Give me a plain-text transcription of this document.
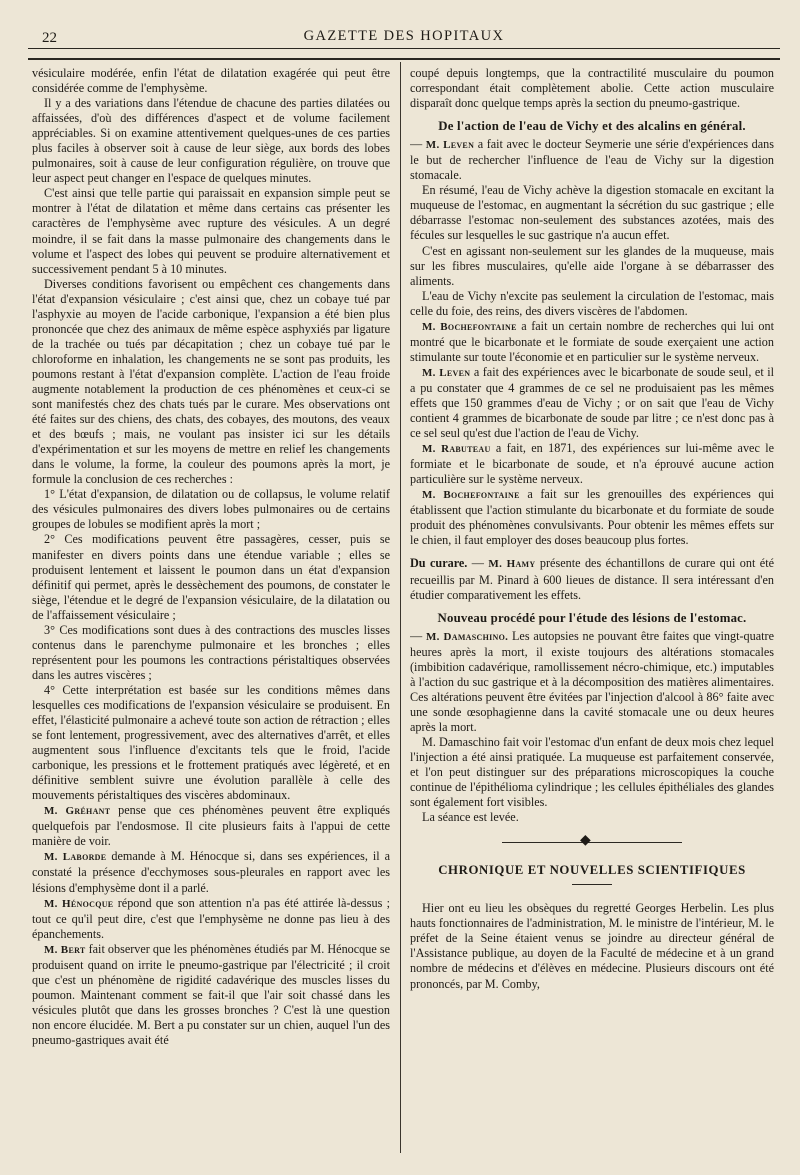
22	GAZETTE DES HOPITAUX

vésiculaire modérée, enfin l'état de dilatation exagérée qui peut être considérée comme de l'emphysème.

Il y a des variations dans l'étendue de chacune des parties dilatées ou affaissées, d'où des différences d'aspect et de volume facilement appréciables. Si on examine attentivement quelques-unes de ces parties plus faciles à observer soit à cause de leur siège, aux bords des lobes pulmonaires, soit à cause de leur configuration régulière, on trouve que leur aspect peut changer en l'espace de quelques minutes.

C'est ainsi que telle partie qui paraissait en expansion simple peut se montrer à l'état de dilatation et même dans certains cas présenter les caractères de l'emphysème avec rupture des vésicules. A un degré moindre, il se fait dans la masse pulmonaire des changements dans le volume et l'aspect des lobes qui peuvent se produire alternativement et successivement pendant 5 à 10 minutes.

Diverses conditions favorisent ou empêchent ces changements dans l'état d'expansion vésiculaire ; c'est ainsi que, chez un cobaye tué par l'asphyxie au moyen de l'acide carbonique, l'expansion a été bien plus prononcée que chez des animaux de même espèce asphyxiés par ligature de la trachée ou tués par décapitation ; chez un cobaye tué par le chloroforme en inhalation, les changements ne se sont pas produits, les poumons restant à l'état d'expansion complète. L'action de l'eau froide augmente notablement la production de ces phénomènes et ceux-ci se sont manifestés chez des chats tués par le curare. Mes observations ont été faites sur des chiens, des chats, des cobayes, des moutons, des veaux et des bœufs ; mais, ne voulant pas insister ici sur les détails d'expérimentation et sur les moyens de mettre en relief les changements dans le volume, la forme, la couleur des poumons après la mort, je formule la conclusion de ces recherches :

1° L'état d'expansion, de dilatation ou de collapsus, le volume relatif des vésicules pulmonaires des divers lobes pulmonaires ou de certains groupes de lobules se modifient après la mort ;

2° Ces modifications peuvent être passagères, cesser, puis se manifester en divers points dans une étendue variable ; elles se produisent lentement et laissent le poumon dans un état d'expansion définitif qui permet, après le dessèchement des poumons, de constater le siège, l'étendue et le degré de l'expansion vésiculaire, de la dilatation ou de l'affaissement vésiculaire ;

3° Ces modifications sont dues à des contractions des muscles lisses contenus dans le parenchyme pulmonaire et les bronches ; elles représentent pour les poumons les contractions péristaltiques observées dans les autres viscères ;

4° Cette interprétation est basée sur les conditions mêmes dans lesquelles ces modifications de l'expansion vésiculaire se produisent. En effet, l'élasticité pulmonaire a achevé toute son action de rétraction ; elles se font lentement, progressivement, avec des alternatives d'arrêt, et elles augmentent sous l'influence d'excitants tels que le froid, l'acide carbonique, les pressions et le frottement pratiqués avec légèreté, et en définitive semblent suivre une évolution parallèle à celle des mouvements péristaltiques des viscères abdominaux.

M. Gréhant pense que ces phénomènes peuvent être expliqués quelquefois par l'endosmose. Il cite plusieurs faits à l'appui de cette manière de voir.

M. Laborde demande à M. Hénocque si, dans ses expériences, il a constaté la présence d'ecchymoses sous-pleurales en rapport avec les lésions d'emphysème dont il a parlé.

M. Hénocque répond que son attention n'a pas été attirée là-dessus ; tout ce qu'il peut dire, c'est que l'emphysème ne donne pas lieu à des épanchements.

M. Bert fait observer que les phénomènes étudiés par M. Hénocque se produisent quand on irrite le pneumo-gastrique par l'électricité ; il croit que c'est un phénomène de rigidité cadavérique des muscles lisses du poumon. Maintenant comment se fait-il que l'air soit chassé dans les vésicules plutôt que dans les grosses bronches ? C'est là une question non encore élucidée. M. Bert a pu constater sur un chien, auquel l'un des pneumo-gastriques avait été

coupé depuis longtemps, que la contractilité musculaire du poumon correspondant était complètement abolie. Cette action musculaire disparaît donc quelque temps après la section du pneumo-gastrique.

De l'action de l'eau de Vichy et des alcalins en général.

— M. Leven a fait avec le docteur Seymerie une série d'expériences dans le but de rechercher l'influence de l'eau de Vichy sur la digestion stomacale.

En résumé, l'eau de Vichy achève la digestion stomacale en excitant la muqueuse de l'estomac, en augmentant la sécrétion du suc gastrique ; elle débarrasse l'estomac non-seulement des substances azotées, mais des fécules sur lesquelles le suc gastrique n'a aucun effet.

C'est en agissant non-seulement sur les glandes de la muqueuse, mais sur les fibres musculaires, qu'elle aide l'organe à se débarrasser des aliments.

L'eau de Vichy n'excite pas seulement la circulation de l'estomac, mais celle du foie, des reins, des divers viscères de l'abdomen.

M. Bochefontaine a fait un certain nombre de recherches qui lui ont montré que le bicarbonate et le formiate de soude exerçaient une action stimulante sur toute l'économie et en particulier sur le système nerveux.

M. Leven a fait des expériences avec le bicarbonate de soude seul, et il a pu constater que 4 grammes de ce sel ne produisaient pas les mêmes effets que 150 grammes d'eau de Vichy ; or on sait que l'eau de Vichy contient 4 grammes de bicarbonate de soude par litre ; ce n'est donc pas à ce sel seul qu'est due l'action de l'eau de Vichy.

M. Rabuteau a fait, en 1871, des expériences sur lui-même avec le formiate et le bicarbonate de soude, et n'a éprouvé aucune action particulière sur le système nerveux.

M. Bochefontaine a fait sur les grenouilles des expériences qui établissent que l'action stimulante du bicarbonate et du formiate de soude produit des phénomènes convulsivants. Pour obtenir les mêmes effets sur le chien, il faut employer des doses beaucoup plus fortes.

Du curare. — M. Hamy présente des échantillons de curare qui ont été recueillis par M. Pinard à 600 lieues de distance. Il sera intéressant d'en étudier comparativement les effets.

Nouveau procédé pour l'étude des lésions de l'estomac.

— M. Damaschino. Les autopsies ne pouvant être faites que vingt-quatre heures après la mort, il existe toujours des altérations stomacales (imbibition cadavérique, ramollissement nécro-chimique, etc.) imputables à l'action du suc gastrique et à la décomposition des matières alimentaires. Ces altérations peuvent être évitées par l'injection d'alcool à 86° faite avec une sonde œsophagienne dans la cavité stomacale une ou deux heures après la mort.

M. Damaschino fait voir l'estomac d'un enfant de deux mois chez lequel l'injection a été ainsi pratiquée. La muqueuse est parfaitement conservée, et l'on peut distinguer sur des préparations microscopiques la couche continue de l'épithélioma cylindrique ; les cellules épithéliales des glandes sont également fort visibles.

La séance est levée.

◆
CHRONIQUE ET NOUVELLES SCIENTIFIQUES

Hier ont eu lieu les obsèques du regretté Georges Herbelin. Les plus hauts fonctionnaires de l'administration, M. le ministre de l'intérieur, M. le préfet de la Seine étaient venus se joindre au directeur général de l'Assistance publique, au doyen de la Faculté de médecine et à un grand nombre de médecins et d'élèves en médecine. Plusieurs discours ont été prononcés, par M. Comby,
